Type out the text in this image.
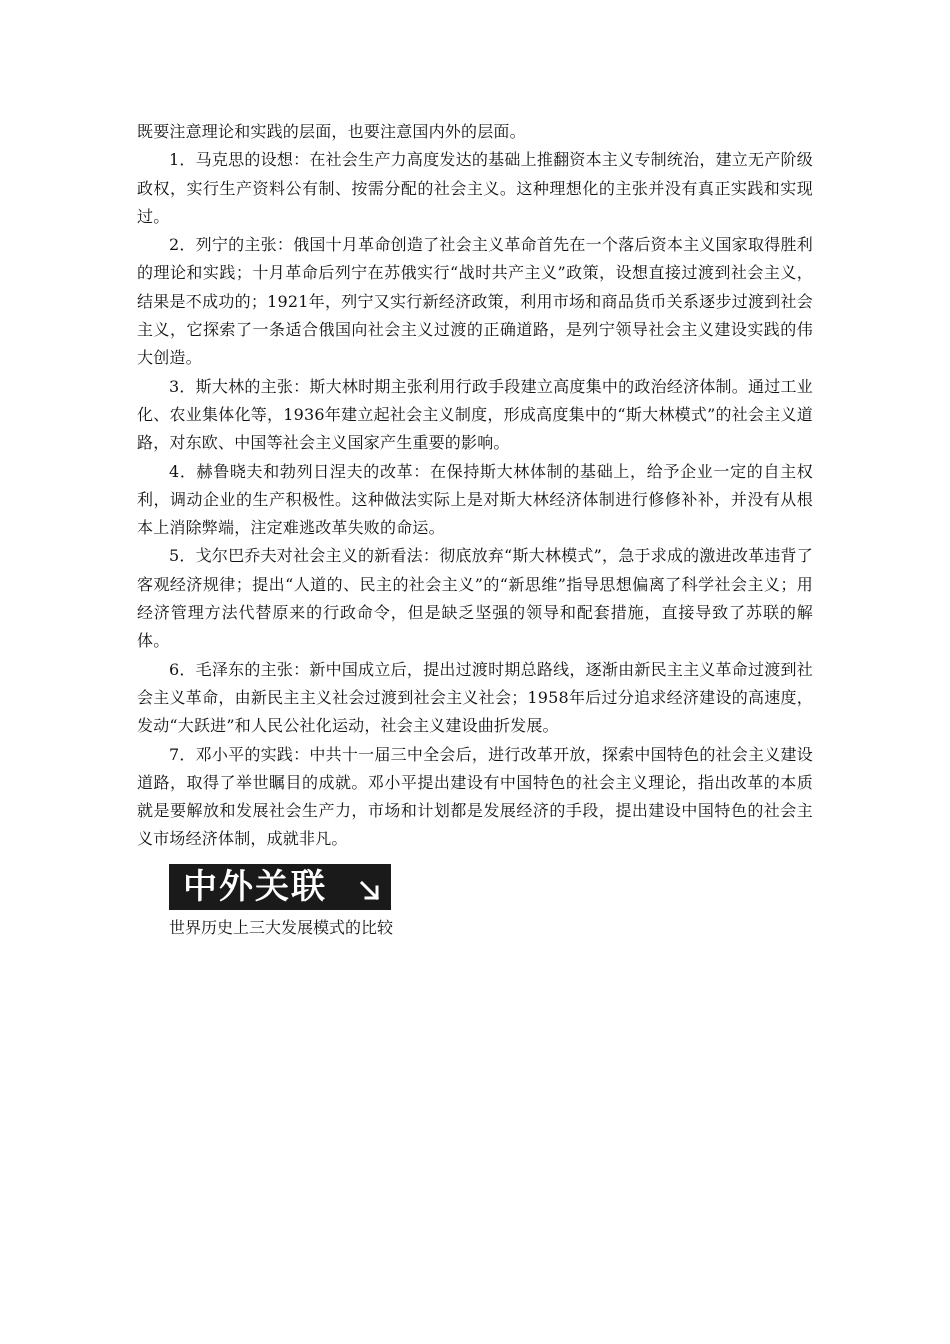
既要注意理论和实践的层面，也要注意国内外的层面。

1．马克思的设想：在社会生产力高度发达的基础上推翻资本主义专制统治，建立无产阶级政权，实行生产资料公有制、按需分配的社会主义。这种理想化的主张并没有真正实践和实现过。

2．列宁的主张：俄国十月革命创造了社会主义革命首先在一个落后资本主义国家取得胜利的理论和实践；十月革命后列宁在苏俄实行“战时共产主义”政策，设想直接过渡到社会主义，结果是不成功的；1921年，列宁又实行新经济政策，利用市场和商品货币关系逐步过渡到社会主义，它探索了一条适合俄国向社会主义过渡的正确道路，是列宁领导社会主义建设实践的伟大创造。

3．斯大林的主张：斯大林时期主张利用行政手段建立高度集中的政治经济体制。通过工业化、农业集体化等，1936年建立起社会主义制度，形成高度集中的“斯大林模式”的社会主义道路，对东欧、中国等社会主义国家产生重要的影响。

4．赫鲁晓夫和勃列日涅夫的改革：在保持斯大林体制的基础上，给予企业一定的自主权利，调动企业的生产积极性。这种做法实际上是对斯大林经济体制进行修修补补，并没有从根本上消除弊端，注定难逃改革失败的命运。

5．戈尔巴乔夫对社会主义的新看法：彻底放弃“斯大林模式”，急于求成的激进改革违背了客观经济规律；提出“人道的、民主的社会主义”的“新思维”指导思想偏离了科学社会主义；用经济管理方法代替原来的行政命令，但是缺乏坚强的领导和配套措施，直接导致了苏联的解体。

6．毛泽东的主张：新中国成立后，提出过渡时期总路线，逐渐由新民主主义革命过渡到社会主义革命，由新民主主义社会过渡到社会主义社会；1958年后过分追求经济建设的高速度，发动“大跃进”和人民公社化运动，社会主义建设曲折发展。

7．邓小平的实践：中共十一届三中全会后，进行改革开放，探索中国特色的社会主义建设道路，取得了举世瞩目的成就。邓小平提出建设有中国特色的社会主义理论，指出改革的本质就是要解放和发展社会生产力，市场和计划都是发展经济的手段，提出建设中国特色的社会主义市场经济体制，成就非凡。

中外关联

世界历史上三大发展模式的比较
